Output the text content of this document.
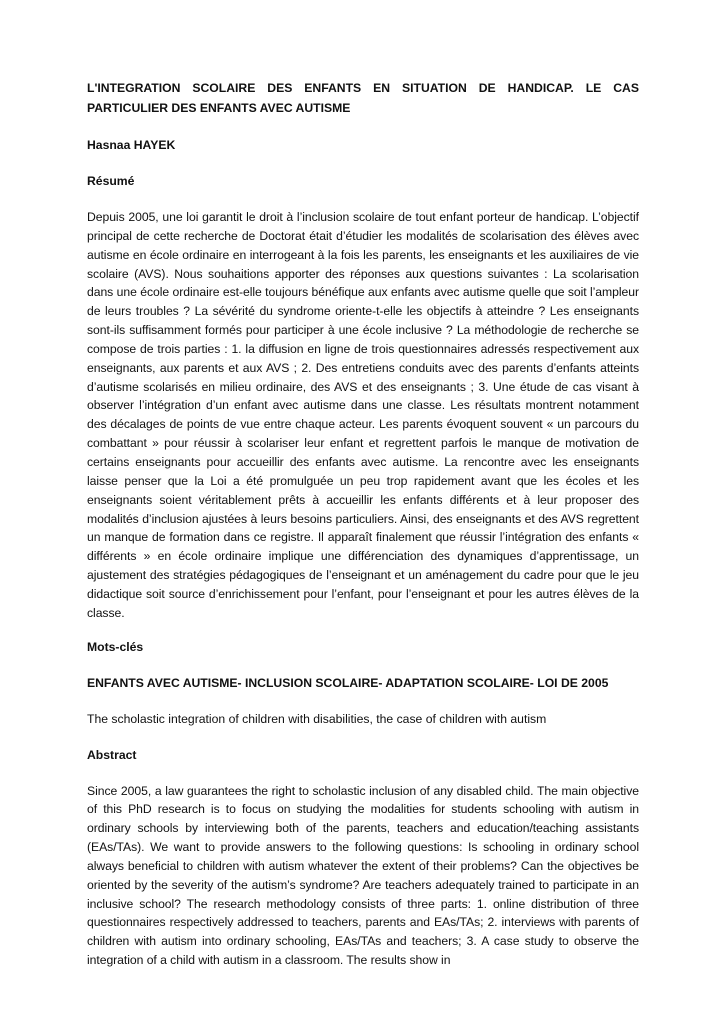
L'INTEGRATION SCOLAIRE DES ENFANTS EN SITUATION DE HANDICAP. LE CAS PARTICULIER DES ENFANTS AVEC AUTISME

Hasnaa HAYEK

Résumé

Depuis 2005, une loi garantit le droit à l’inclusion scolaire de tout enfant porteur de handicap. L’objectif principal de cette recherche de Doctorat était d’étudier les modalités de scolarisation des élèves avec autisme en école ordinaire en interrogeant à la fois les parents, les enseignants et les auxiliaires de vie scolaire (AVS). Nous souhaitions apporter des réponses aux questions suivantes : La scolarisation dans une école ordinaire est-elle toujours bénéfique aux enfants avec autisme quelle que soit l’ampleur de leurs troubles ? La sévérité du syndrome oriente-t-elle les objectifs à atteindre ? Les enseignants sont-ils suffisamment formés pour participer à une école inclusive ? La méthodologie de recherche se compose de trois parties : 1. la diffusion en ligne de trois questionnaires adressés respectivement aux enseignants, aux parents et aux AVS ; 2. Des entretiens conduits avec des parents d’enfants atteints d’autisme scolarisés en milieu ordinaire, des AVS et des enseignants ; 3. Une étude de cas visant à observer l’intégration d’un enfant avec autisme dans une classe. Les résultats montrent notamment des décalages de points de vue entre chaque acteur. Les parents évoquent souvent « un parcours du combattant » pour réussir à scolariser leur enfant et regrettent parfois le manque de motivation de certains enseignants pour accueillir des enfants avec autisme. La rencontre avec les enseignants laisse penser que la Loi a été promulguée un peu trop rapidement avant que les écoles et les enseignants soient véritablement prêts à accueillir les enfants différents et à leur proposer des modalités d’inclusion ajustées à leurs besoins particuliers. Ainsi, des enseignants et des AVS regrettent un manque de formation dans ce registre. Il apparaît finalement que réussir l’intégration des enfants « différents » en école ordinaire implique une différenciation des dynamiques d’apprentissage, un ajustement des stratégies pédagogiques de l’enseignant et un aménagement du cadre pour que le jeu didactique soit source d’enrichissement pour l’enfant, pour l’enseignant et pour les autres élèves de la classe.

Mots-clés

ENFANTS AVEC AUTISME- INCLUSION SCOLAIRE- ADAPTATION SCOLAIRE- LOI DE 2005

The scholastic integration of children with disabilities, the case of children with autism

Abstract

Since 2005, a law guarantees the right to scholastic inclusion of any disabled child. The main objective of this PhD research is to focus on studying the modalities for students schooling with autism in ordinary schools by interviewing both of the parents, teachers and education/teaching assistants (EAs/TAs). We want to provide answers to the following questions: Is schooling in ordinary school always beneficial to children with autism whatever the extent of their problems? Can the objectives be oriented by the severity of the autism’s syndrome? Are teachers adequately trained to participate in an inclusive school? The research methodology consists of three parts: 1. online distribution of three questionnaires respectively addressed to teachers, parents and EAs/TAs; 2. interviews with parents of children with autism into ordinary schooling, EAs/TAs and teachers; 3. A case study to observe the integration of a child with autism in a classroom. The results show in
